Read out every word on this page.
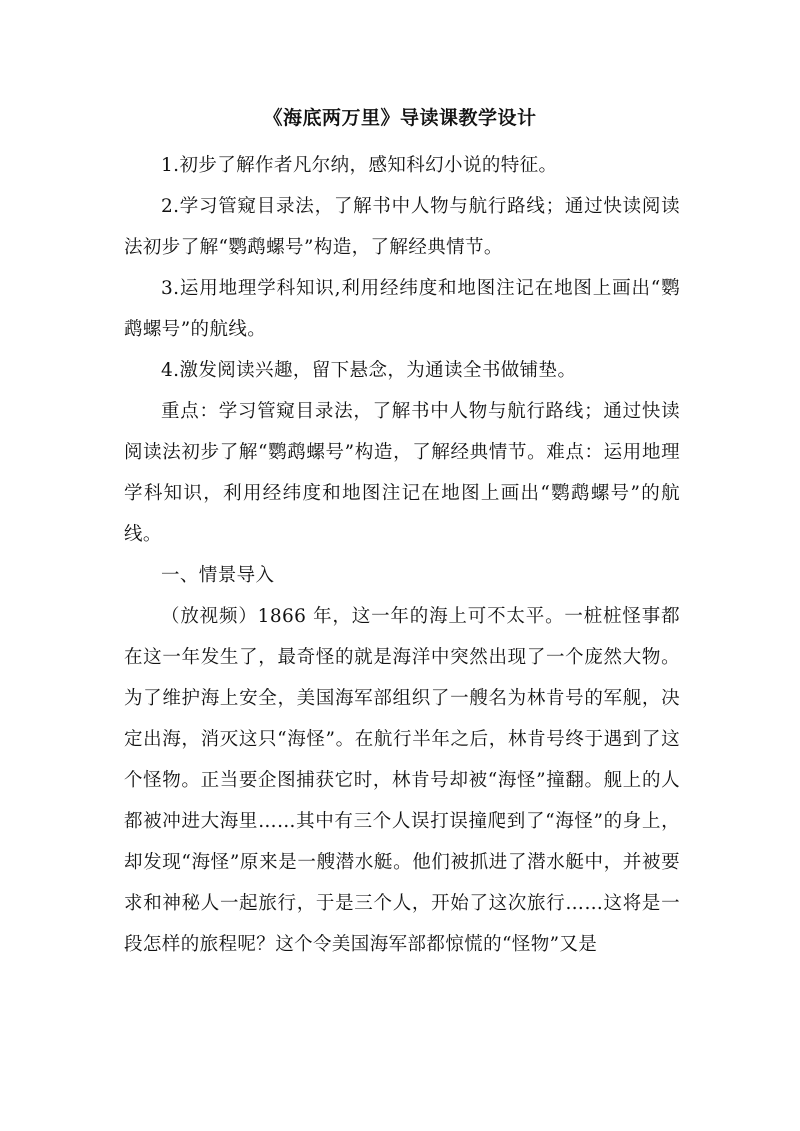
《海底两万里》导读课教学设计

1.初步了解作者凡尔纳，感知科幻小说的特征。

2.学习管窥目录法，了解书中人物与航行路线；通过快读阅读法初步了解“鹦鹉螺号”构造，了解经典情节。

3.运用地理学科知识,利用经纬度和地图注记在地图上画出“鹦鹉螺号”的航线。

4.激发阅读兴趣，留下悬念，为通读全书做铺垫。

重点：学习管窥目录法，了解书中人物与航行路线；通过快读阅读法初步了解“鹦鹉螺号”构造，了解经典情节。难点：运用地理学科知识，利用经纬度和地图注记在地图上画出“鹦鹉螺号”的航线。

一、情景导入

（放视频）1866 年，这一年的海上可不太平。一桩桩怪事都在这一年发生了，最奇怪的就是海洋中突然出现了一个庞然大物。为了维护海上安全，美国海军部组织了一艘名为林肯号的军舰，决定出海，消灭这只“海怪”。在航行半年之后，林肯号终于遇到了这个怪物。正当要企图捕获它时，林肯号却被“海怪”撞翻。舰上的人都被冲进大海里……其中有三个人误打误撞爬到了“海怪”的身上，却发现“海怪”原来是一艘潜水艇。他们被抓进了潜水艇中，并被要求和神秘人一起旅行，于是三个人，开始了这次旅行……这将是一段怎样的旅程呢？这个令美国海军部都惊慌的“怪物”又是
